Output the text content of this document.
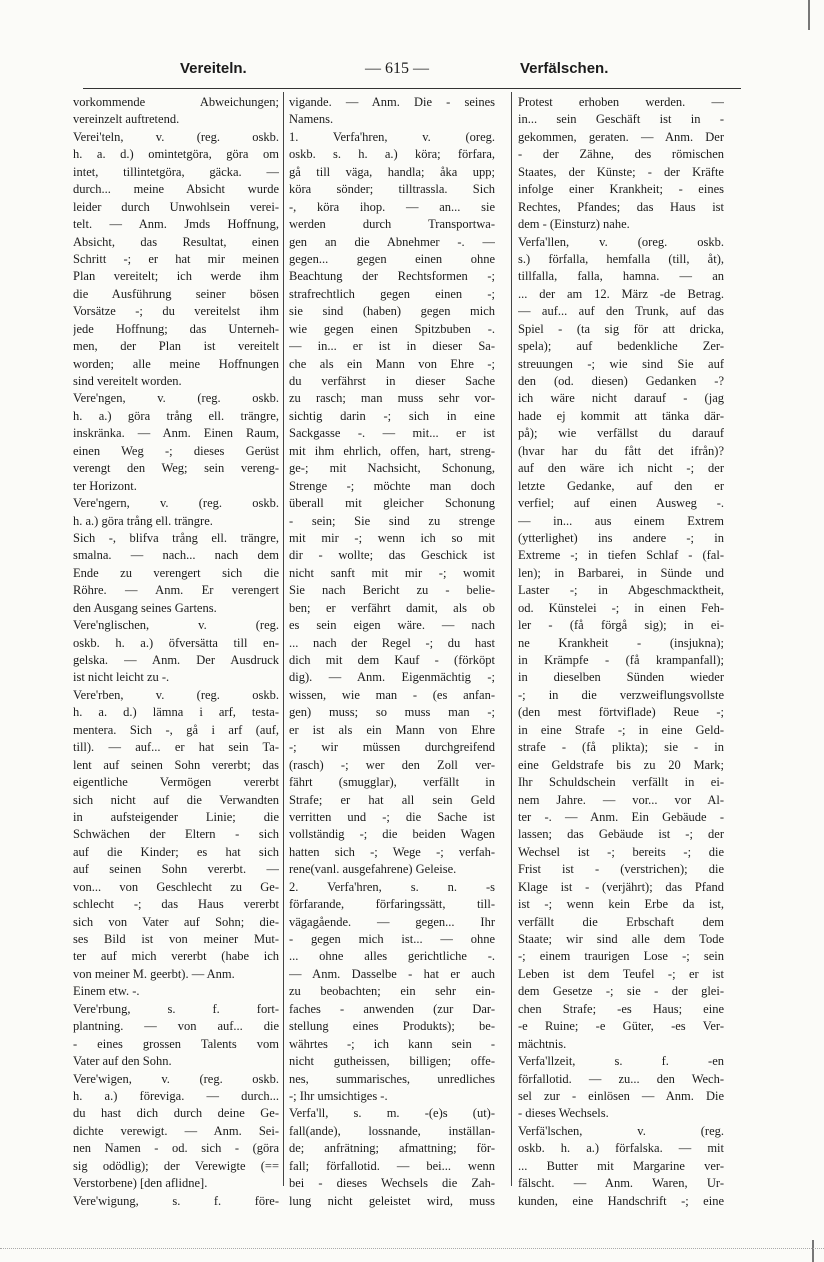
Vereiteln.	— 615 —	Verfälschen.
vorkommende Abweichungen;
vereinzelt auftretend.
Verei'teln, v. (reg. oskb.
h. a. d.) omintetgöra, göra om
intet, tillintetgöra, gäcka. —
durch... meine Absicht wurde
leider durch Unwohlsein verei-
telt. — Anm. Jmds Hoffnung,
Absicht, das Resultat, einen
Schritt -; er hat mir meinen
Plan vereitelt; ich werde ihm
die Ausführung seiner bösen
Vorsätze -; du vereitelst ihm
jede Hoffnung; das Unterneh-
men, der Plan ist vereitelt
worden; alle meine Hoffnungen
sind vereitelt worden.
Vere'ngen, v. (reg. oskb.
h. a.) göra trång ell. trängre,
inskränka. — Anm. Einen Raum,
einen Weg -; dieses Gerüst
verengt den Weg; sein vereng-
ter Horizont.
Vere'ngern, v. (reg. oskb.
h. a.) göra trång ell. trängre.
Sich -, blifva trång ell. trängre,
smalna. — nach... nach dem
Ende zu verengert sich die
Röhre. — Anm. Er verengert
den Ausgang seines Gartens.
Vere'nglischen, v. (reg.
oskb. h. a.) öfversätta till en-
gelska. — Anm. Der Ausdruck
ist nicht leicht zu -.
Vere'rben, v. (reg. oskb.
h. a. d.) lämna i arf, testa-
mentera. Sich -, gå i arf (auf,
till). — auf... er hat sein Ta-
lent auf seinen Sohn vererbt; das
eigentliche Vermögen vererbt
sich nicht auf die Verwandten
in aufsteigender Linie; die
Schwächen der Eltern - sich
auf die Kinder; es hat sich
auf seinen Sohn vererbt. —
von... von Geschlecht zu Ge-
schlecht -; das Haus vererbt
sich von Vater auf Sohn; die-
ses Bild ist von meiner Mut-
ter auf mich vererbt (habe ich
von meiner M. geerbt). — Anm.
Einem etw. -.
Vere'rbung, s. f. fort-
plantning. — von auf... die
- eines grossen Talents vom
Vater auf den Sohn.
Vere'wigen, v. (reg. oskb.
h. a.) föreviga. — durch...
du hast dich durch deine Ge-
dichte verewigt. — Anm. Sei-
nen Namen - od. sich - (göra
sig odödlig); der Verewigte (==
Verstorbene) [den aflidne].
Vere'wigung, s. f. före-
vigande. — Anm. Die - seines
Namens.
1. Verfa'hren, v. (oreg.
oskb. s. h. a.) köra; förfara,
gå till väga, handla; åka upp;
köra sönder; tilltrassla. Sich
-, köra ihop. — an... sie
werden durch Transportwa-
gen an die Abnehmer -. —
gegen... gegen einen ohne
Beachtung der Rechtsformen -;
strafrechtlich gegen einen -;
sie sind (haben) gegen mich
wie gegen einen Spitzbuben -.
— in... er ist in dieser Sa-
che als ein Mann von Ehre -;
du verfährst in dieser Sache
zu rasch; man muss sehr vor-
sichtig darin -; sich in eine
Sackgasse -. — mit... er ist
mit ihm ehrlich, offen, hart, streng-
ge-; mit Nachsicht, Schonung,
Strenge -; möchte man doch
überall mit gleicher Schonung
- sein; Sie sind zu strenge
mit mir -; wenn ich so mit
dir - wollte; das Geschick ist
nicht sanft mit mir -; womit
Sie nach Bericht zu - belie-
ben; er verfährt damit, als ob
es sein eigen wäre. — nach
... nach der Regel -; du hast
dich mit dem Kauf - (förköpt
dig). — Anm. Eigenmächtig -;
wissen, wie man - (es anfan-
gen) muss; so muss man -;
er ist als ein Mann von Ehre
-; wir müssen durchgreifend
(rasch) -; wer den Zoll ver-
fährt (smugglar), verfällt in
Strafe; er hat all sein Geld
verritten und -; die Sache ist
vollständig -; die beiden Wagen
hatten sich -; Wege -; verfah-
rene(vanl. ausgefahrene) Geleise.
2. Verfa'hren, s. n. -s
förfarande, förfaringssätt, till-
vägagående. — gegen... Ihr
- gegen mich ist... — ohne
... ohne alles gerichtliche -.
— Anm. Dasselbe - hat er auch
zu beobachten; ein sehr ein-
faches - anwenden (zur Dar-
stellung eines Produkts); be-
währtes -; ich kann sein -
nicht gutheissen, billigen; offe-
nes, summarisches, unredliches
-; Ihr umsichtiges -.
Verfa'll, s. m. -(e)s (ut)-
fall(ande), lossnande, inställan-
de; anfrätning; afmattning; för-
fall; förfallotid. — bei... wenn
bei - dieses Wechsels die Zah-
lung nicht geleistet wird, muss
Protest erhoben werden. —
in... sein Geschäft ist in -
gekommen, geraten. — Anm. Der
- der Zähne, des römischen
Staates, der Künste; - der Kräfte
infolge einer Krankheit; - eines
Rechtes, Pfandes; das Haus ist
dem - (Einsturz) nahe.
Verfa'llen, v. (oreg. oskb.
s.) förfalla, hemfalla (till, åt),
tillfalla, falla, hamna. — an
... der am 12. März -de Betrag.
— auf... auf den Trunk, auf das
Spiel - (ta sig för att dricka,
spela); auf bedenkliche Zer-
streuungen -; wie sind Sie auf
den (od. diesen) Gedanken -?
ich wäre nicht darauf - (jag
hade ej kommit att tänka där-
på); wie verfällst du darauf
(hvar har du fått det ifrån)?
auf den wäre ich nicht -; der
letzte Gedanke, auf den er
verfiel; auf einen Ausweg -.
— in... aus einem Extrem
(ytterlighet) ins andere -; in
Extreme -; in tiefen Schlaf - (fal-
len); in Barbarei, in Sünde und
Laster -; in Abgeschmacktheit,
od. Künstelei -; in einen Feh-
ler - (få förgå sig); in ei-
ne Krankheit - (insjukna);
in Krämpfe - (få krampanfall);
in dieselben Sünden wieder
-; in die verzweiflungsvollste
(den mest förtviflade) Reue -;
in eine Strafe -; in eine Geld-
strafe - (få plikta); sie - in
eine Geldstrafe bis zu 20 Mark;
Ihr Schuldschein verfällt in ei-
nem Jahre. — vor... vor Al-
ter -. — Anm. Ein Gebäude -
lassen; das Gebäude ist -; der
Wechsel ist -; bereits -; die
Frist ist - (verstrichen); die
Klage ist - (verjährt); das Pfand
ist -; wenn kein Erbe da ist,
verfällt die Erbschaft dem
Staate; wir sind alle dem Tode
-; einem traurigen Lose -; sein
Leben ist dem Teufel -; er ist
dem Gesetze -; sie - der glei-
chen Strafe; -es Haus; eine
-e Ruine; -e Güter, -es Ver-
mächtnis.
Verfa'llzeit, s. f. -en
förfallotid. — zu... den Wech-
sel zur - einlösen — Anm. Die
- dieses Wechsels.
Verfä'lschen, v. (reg.
oskb. h. a.) förfalska. — mit
... Butter mit Margarine ver-
fälscht. — Anm. Waren, Ur-
kunden, eine Handschrift -; eine
